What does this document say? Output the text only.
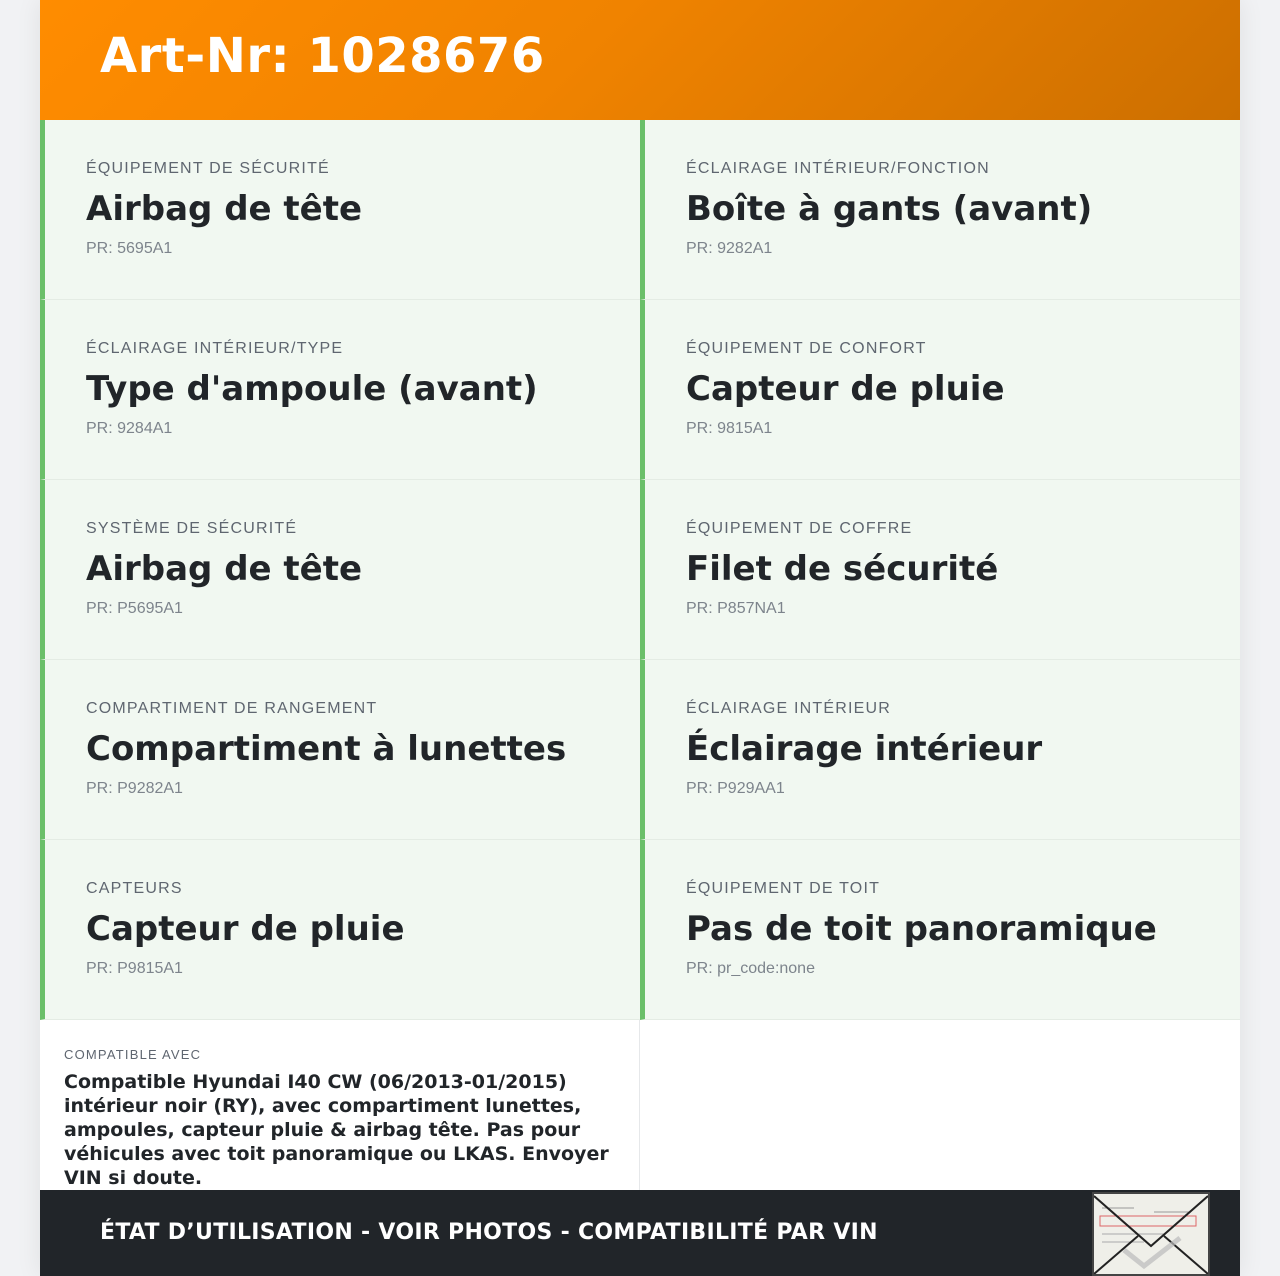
Art-Nr: 1028676
ÉQUIPEMENT DE SÉCURITÉ
Airbag de tête
PR: 5695A1
ÉCLAIRAGE INTÉRIEUR/FONCTION
Boîte à gants (avant)
PR: 9282A1
ÉCLAIRAGE INTÉRIEUR/TYPE
Type d'ampoule (avant)
PR: 9284A1
ÉQUIPEMENT DE CONFORT
Capteur de pluie
PR: 9815A1
SYSTÈME DE SÉCURITÉ
Airbag de tête
PR: P5695A1
ÉQUIPEMENT DE COFFRE
Filet de sécurité
PR: P857NA1
COMPARTIMENT DE RANGEMENT
Compartiment à lunettes
PR: P9282A1
ÉCLAIRAGE INTÉRIEUR
Éclairage intérieur
PR: P929AA1
CAPTEURS
Capteur de pluie
PR: P9815A1
ÉQUIPEMENT DE TOIT
Pas de toit panoramique
PR: pr_code:none
COMPATIBLE AVEC
Compatible Hyundai I40 CW (06/2013-01/2015) intérieur noir (RY), avec compartiment lunettes, ampoules, capteur pluie & airbag tête. Pas pour véhicules avec toit panoramique ou LKAS. Envoyer VIN si doute.
ÉTAT D’UTILISATION - VOIR PHOTOS - COMPATIBILITÉ PAR VIN
